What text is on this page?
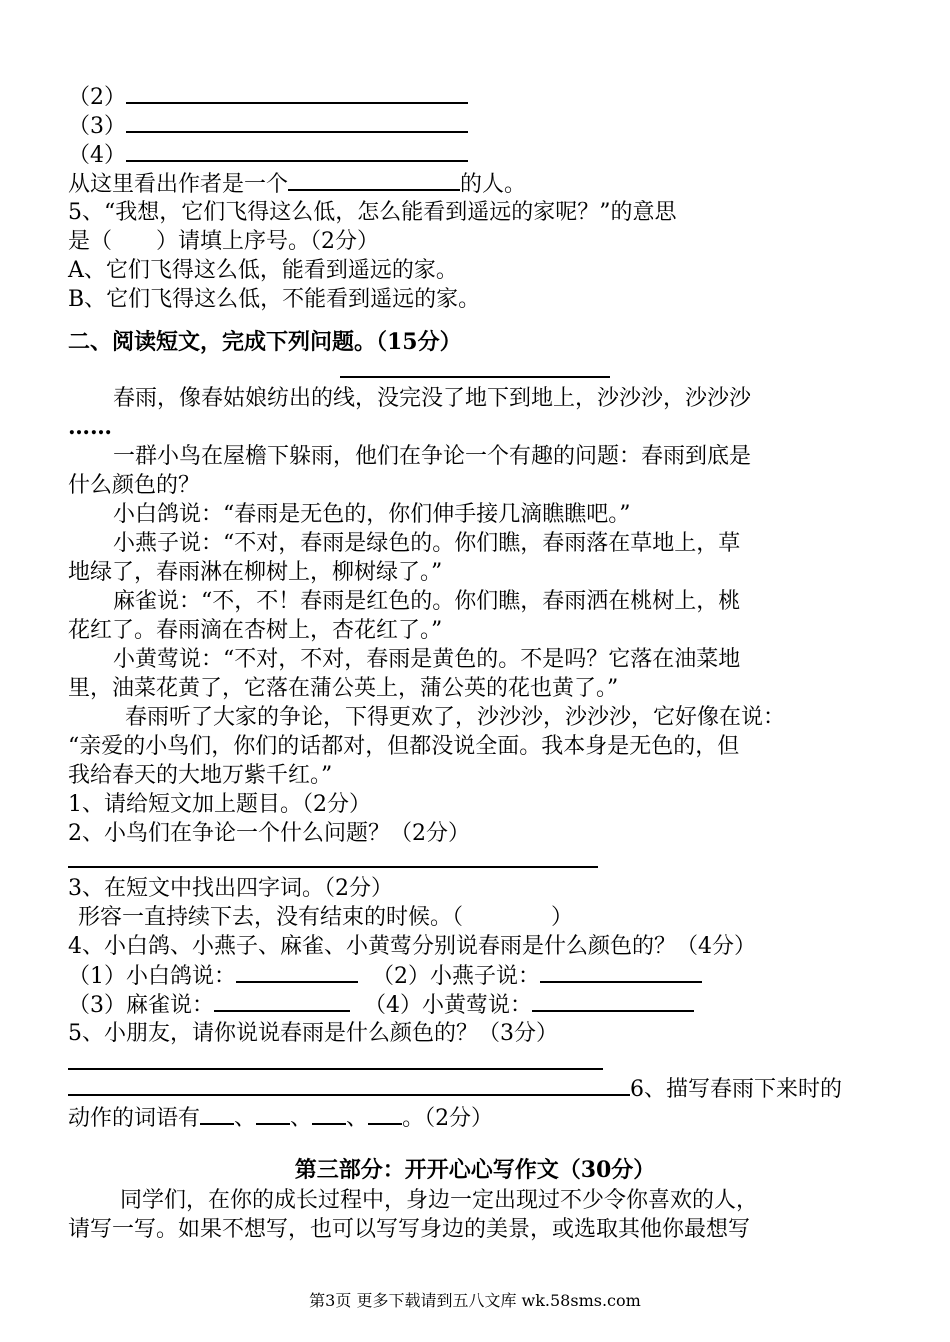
（2）
（3）
（4）
从这里看出作者是一个	的人。
5、“我想，它们飞得这么低，怎么能看到遥远的家呢？”的意思
是（　　）请填上序号。（2分）
A、它们飞得这么低，能看到遥远的家。
B、它们飞得这么低，不能看到遥远的家。
二、阅读短文，完成下列问题。（15分）
春雨，像春姑娘纺出的线，没完没了地下到地上，沙沙沙，沙沙沙
……
一群小鸟在屋檐下躲雨，他们在争论一个有趣的问题：春雨到底是
什么颜色的？
小白鸽说：“春雨是无色的，你们伸手接几滴瞧瞧吧。”
小燕子说：“不对，春雨是绿色的。你们瞧，春雨落在草地上，草
地绿了，春雨淋在柳树上，柳树绿了。”
麻雀说：“不，不！春雨是红色的。你们瞧，春雨洒在桃树上，桃
花红了。春雨滴在杏树上，杏花红了。”
小黄莺说：“不对，不对，春雨是黄色的。不是吗？它落在油菜地
里，油菜花黄了，它落在蒲公英上，蒲公英的花也黄了。”
春雨听了大家的争论，下得更欢了，沙沙沙，沙沙沙，它好像在说：
“亲爱的小鸟们，你们的话都对，但都没说全面。我本身是无色的，但
我给春天的大地万紫千红。”
1、请给短文加上题目。（2分）
2、小鸟们在争论一个什么问题？（2分）
3、在短文中找出四字词。（2分）
形容一直持续下去，没有结束的时候。（　　　　）
4、小白鸽、小燕子、麻雀、小黄莺分别说春雨是什么颜色的？（4分）
（1）小白鸽说：	（2）小燕子说：
（3）麻雀说：	（4）小黄莺说：
5、小朋友，请你说说春雨是什么颜色的？（3分）
6、描写春雨下来时的
动作的词语有 、 、 、 。（2分）
第三部分：开开心心写作文（30分）
同学们，在你的成长过程中，身边一定出现过不少令你喜欢的人，
请写一写。如果不想写，也可以写写身边的美景，或选取其他你最想写
第3页 更多下载请到五八文库 wk.58sms.com
